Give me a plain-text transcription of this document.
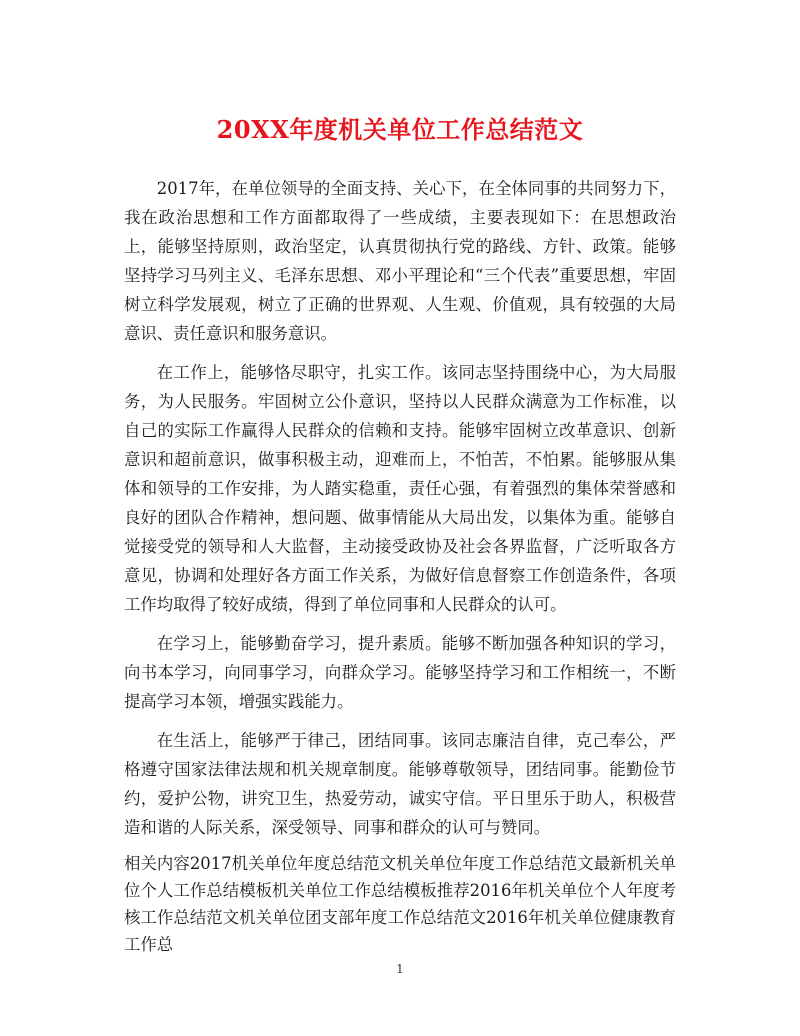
20XX年度机关单位工作总结范文

2017年，在单位领导的全面支持、关心下，在全体同事的共同努力下，我在政治思想和工作方面都取得了一些成绩，主要表现如下：在思想政治上，能够坚持原则，政治坚定，认真贯彻执行党的路线、方针、政策。能够坚持学习马列主义、毛泽东思想、邓小平理论和“三个代表”重要思想，牢固树立科学发展观，树立了正确的世界观、人生观、价值观，具有较强的大局意识、责任意识和服务意识。

在工作上，能够恪尽职守，扎实工作。该同志坚持围绕中心，为大局服务，为人民服务。牢固树立公仆意识，坚持以人民群众满意为工作标准，以自己的实际工作赢得人民群众的信赖和支持。能够牢固树立改革意识、创新意识和超前意识，做事积极主动，迎难而上，不怕苦，不怕累。能够服从集体和领导的工作安排，为人踏实稳重，责任心强，有着强烈的集体荣誉感和良好的团队合作精神，想问题、做事情能从大局出发，以集体为重。能够自觉接受党的领导和人大监督，主动接受政协及社会各界监督，广泛听取各方意见，协调和处理好各方面工作关系，为做好信息督察工作创造条件，各项工作均取得了较好成绩，得到了单位同事和人民群众的认可。

在学习上，能够勤奋学习，提升素质。能够不断加强各种知识的学习，向书本学习，向同事学习，向群众学习。能够坚持学习和工作相统一，不断提高学习本领，增强实践能力。

在生活上，能够严于律己，团结同事。该同志廉洁自律，克己奉公，严格遵守国家法律法规和机关规章制度。能够尊敬领导，团结同事。能勤俭节约，爱护公物，讲究卫生，热爱劳动，诚实守信。平日里乐于助人，积极营造和谐的人际关系，深受领导、同事和群众的认可与赞同。

相关内容2017机关单位年度总结范文机关单位年度工作总结范文最新机关单位个人工作总结模板机关单位工作总结模板推荐2016年机关单位个人年度考核工作总结范文机关单位团支部年度工作总结范文2016年机关单位健康教育工作总
1
